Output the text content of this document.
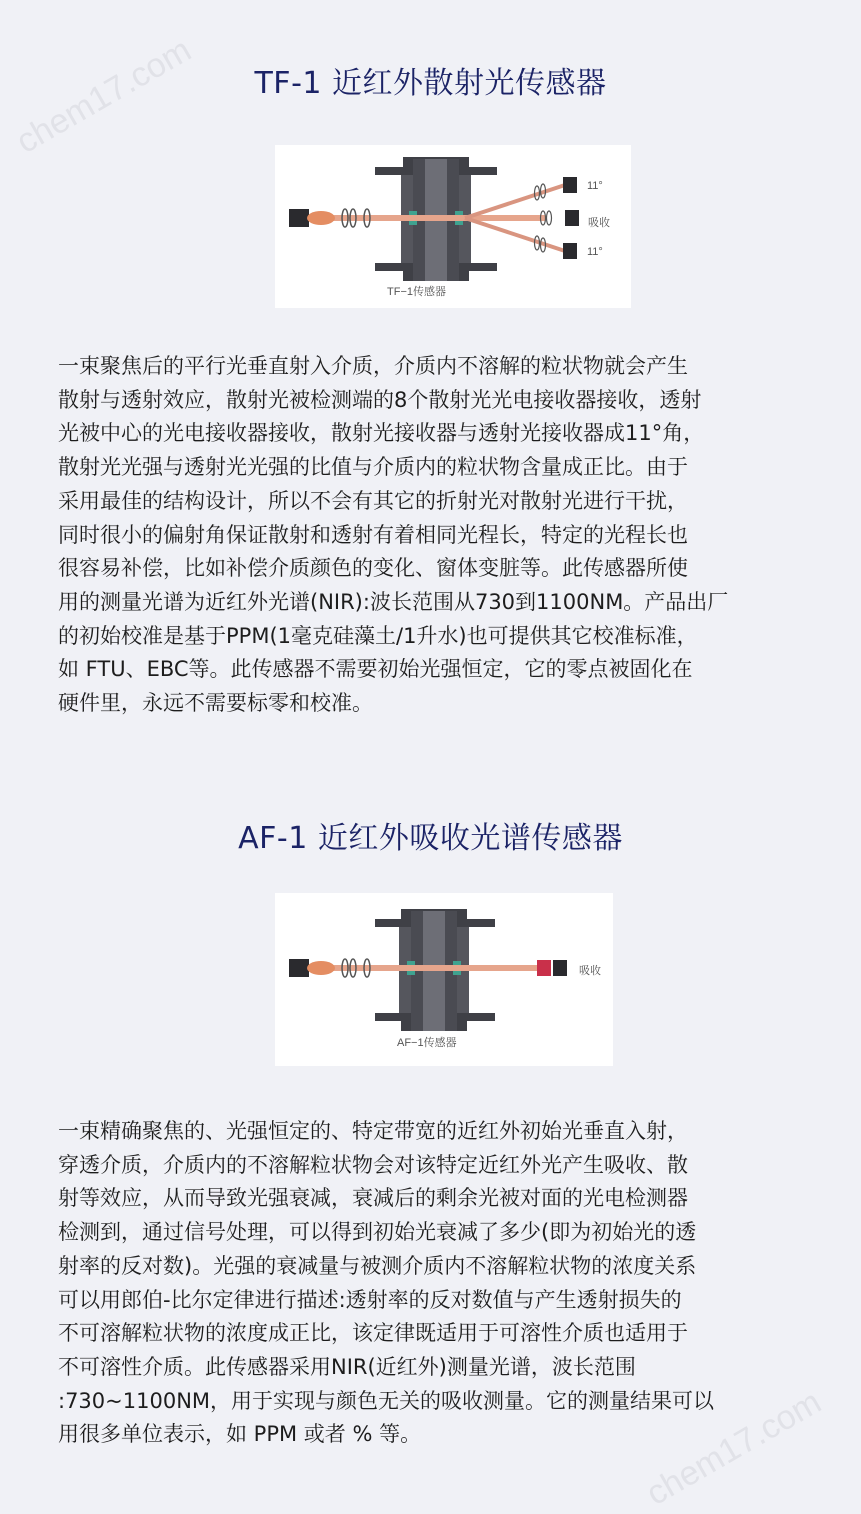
chem17.com
chem17.com
TF-1 近红外散射光传感器
11°
吸收
11°
TF−1传感器
一束聚焦后的平行光垂直射入介质，介质内不溶解的粒状物就会产生
散射与透射效应，散射光被检测端的8个散射光光电接收器接收，透射
光被中心的光电接收器接收，散射光接收器与透射光接收器成11°角，
散射光光强与透射光光强的比值与介质内的粒状物含量成正比。由于
采用最佳的结构设计，所以不会有其它的折射光对散射光进行干扰，
同时很小的偏射角保证散射和透射有着相同光程长，特定的光程长也
很容易补偿，比如补偿介质颜色的变化、窗体变脏等。此传感器所使
用的测量光谱为近红外光谱(NIR):波长范围从730到1100NM。产品出厂
的初始校准是基于PPM(1毫克硅藻土/1升水)也可提供其它校准标准，
如 FTU、EBC等。此传感器不需要初始光强恒定，它的零点被固化在
硬件里，永远不需要标零和校准。
AF-1 近红外吸收光谱传感器
吸收
AF−1传感器
一束精确聚焦的、光强恒定的、特定带宽的近红外初始光垂直入射，
穿透介质，介质内的不溶解粒状物会对该特定近红外光产生吸收、散
射等效应，从而导致光强衰减，衰减后的剩余光被对面的光电检测器
检测到，通过信号处理，可以得到初始光衰减了多少(即为初始光的透
射率的反对数)。光强的衰减量与被测介质内不溶解粒状物的浓度关系
可以用郎伯-比尔定律进行描述:透射率的反对数值与产生透射损失的
不可溶解粒状物的浓度成正比，该定律既适用于可溶性介质也适用于
不可溶性介质。此传感器采用NIR(近红外)测量光谱，波长范围
:730~1100NM，用于实现与颜色无关的吸收测量。它的测量结果可以
用很多单位表示，如 PPM 或者 % 等。
